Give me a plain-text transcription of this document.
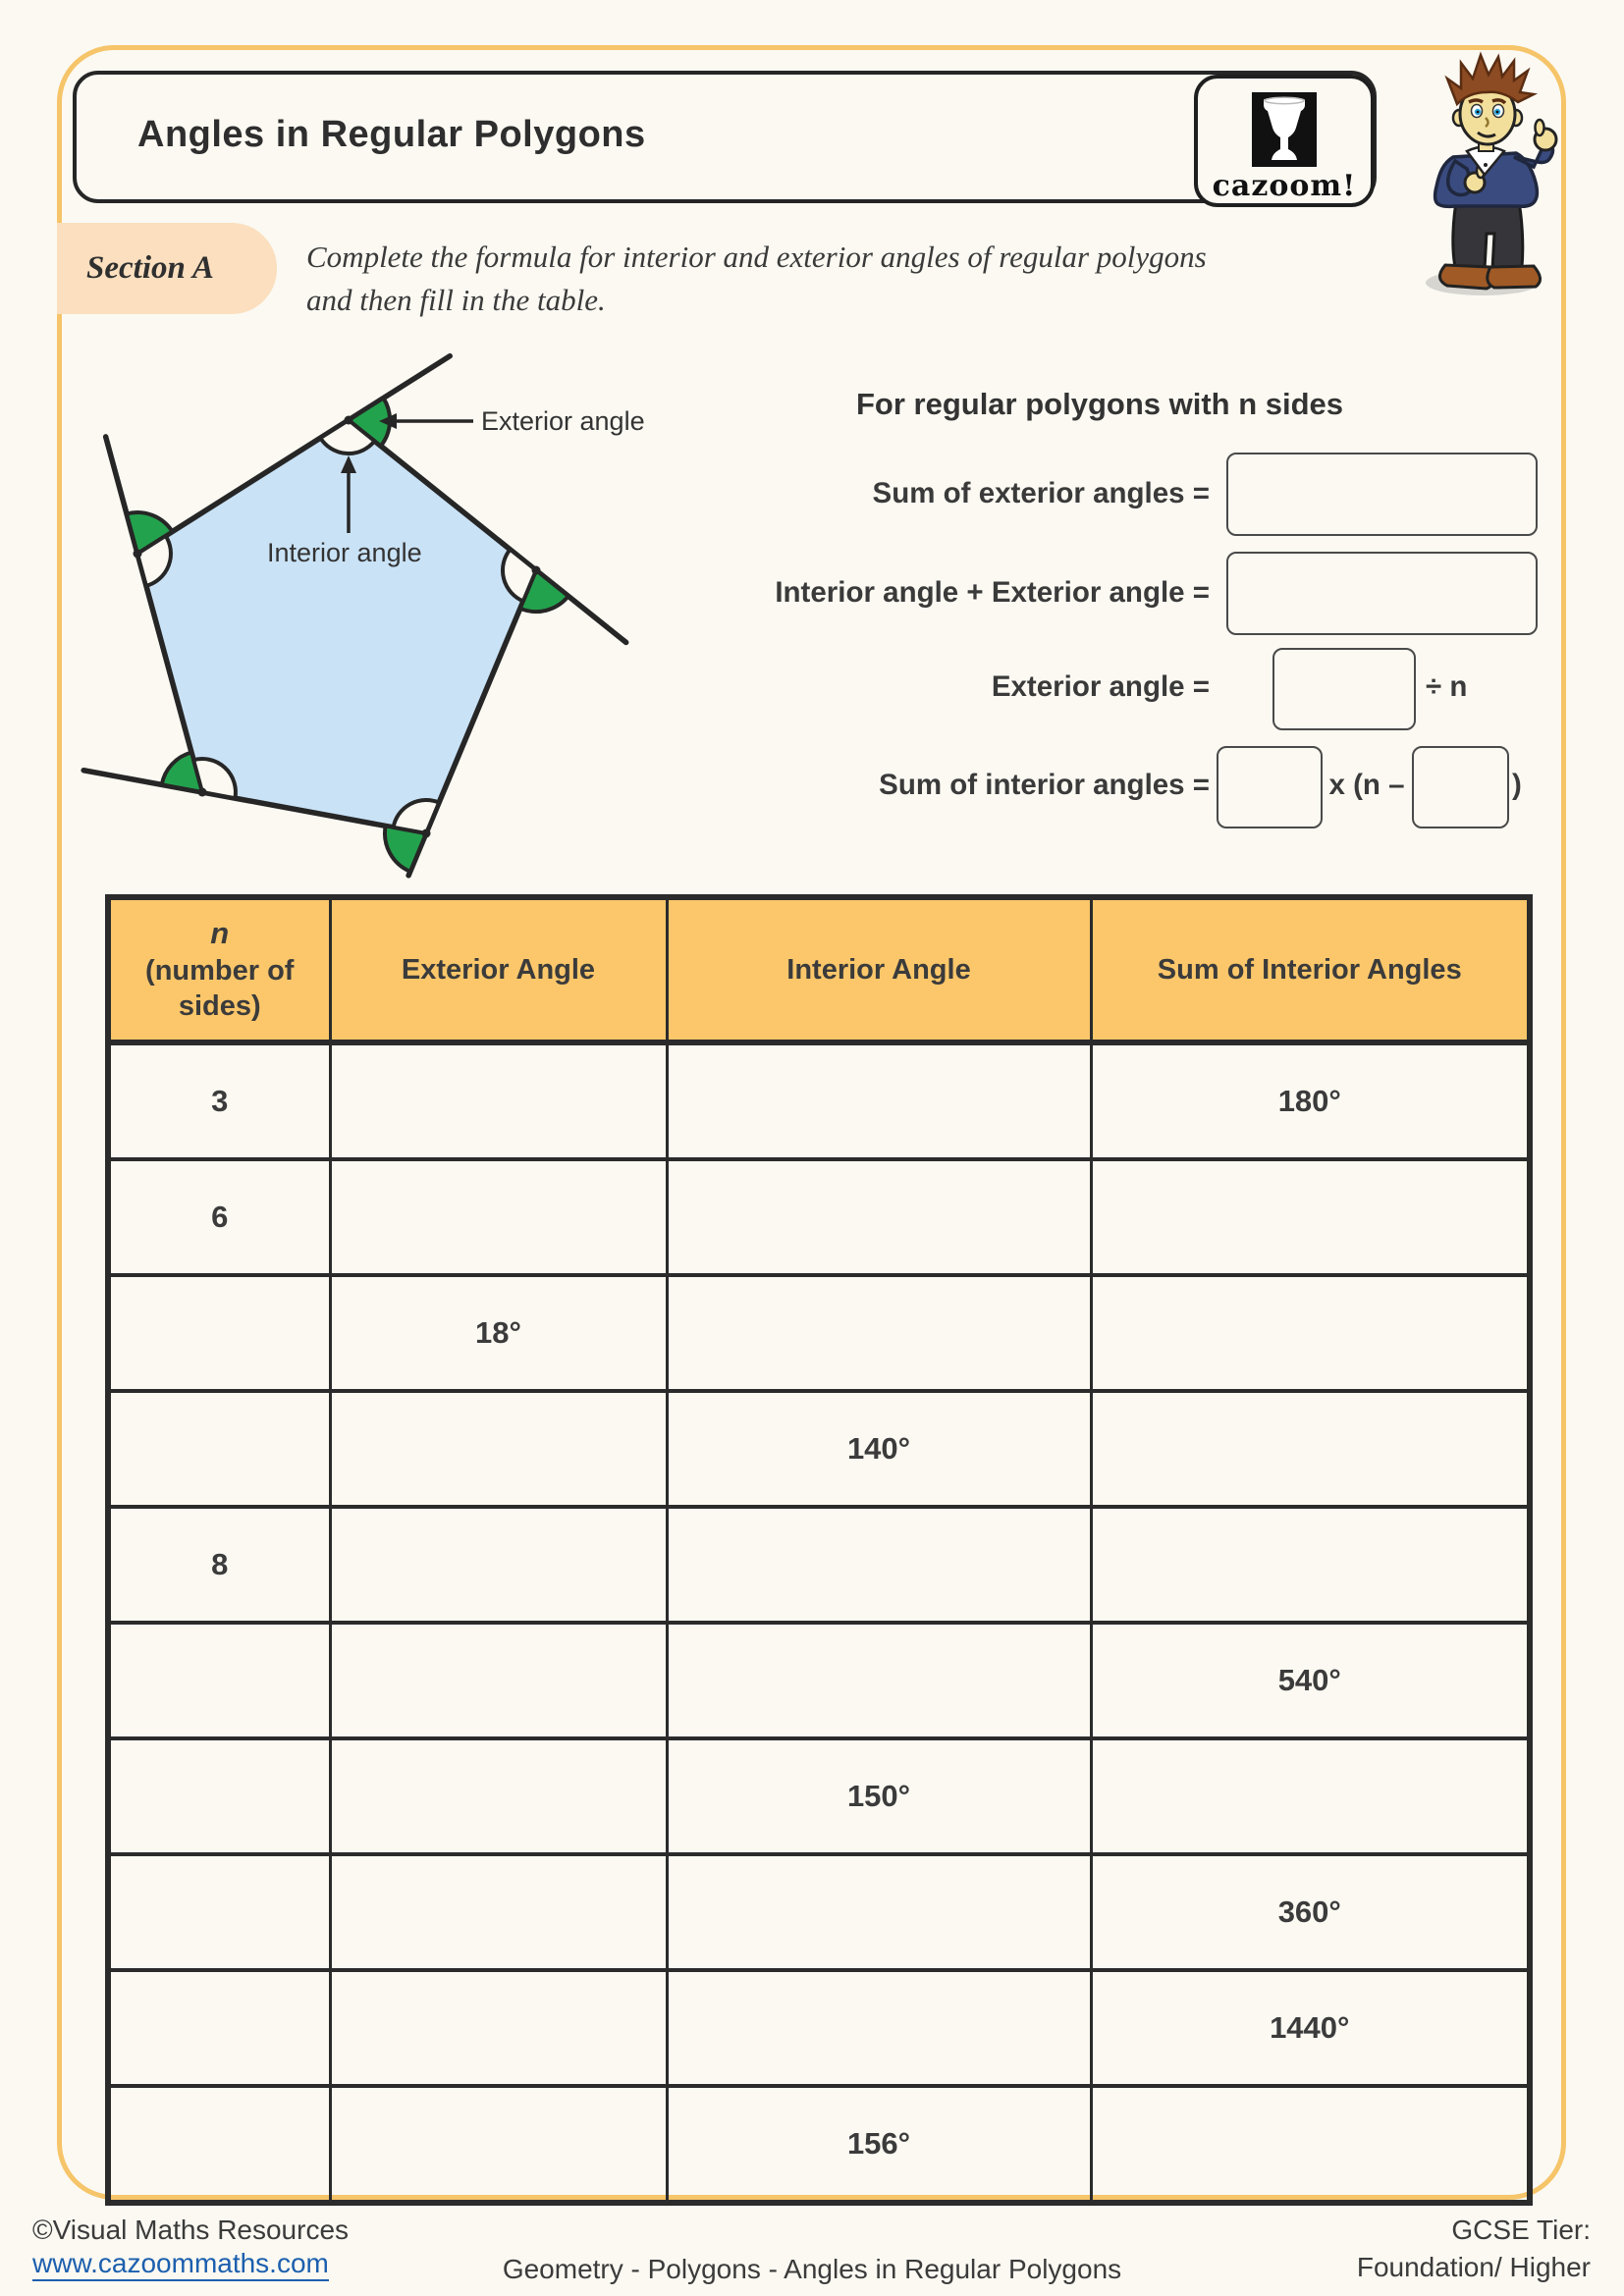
Angles in Regular Polygons
cazoom!
Section A	Complete the formula for interior and exterior angles of regular polygons and then fill in the table.
Exterior angle
Interior angle
For regular polygons with n sides
Sum of exterior angles =
Interior angle + Exterior angle =
Exterior angle =	÷ n
Sum of interior angles =	x (n –	)
n
(number of sides)	Exterior Angle	Interior Angle	Sum of Interior Angles
3			180°
6			
	18°		
		140°	
8			
			540°
		150°	
			360°
			1440°
		156°	
©Visual Maths Resources
www.cazoommaths.com	Geometry - Polygons - Angles in Regular Polygons
GCSE Tier:
Foundation/ Higher
